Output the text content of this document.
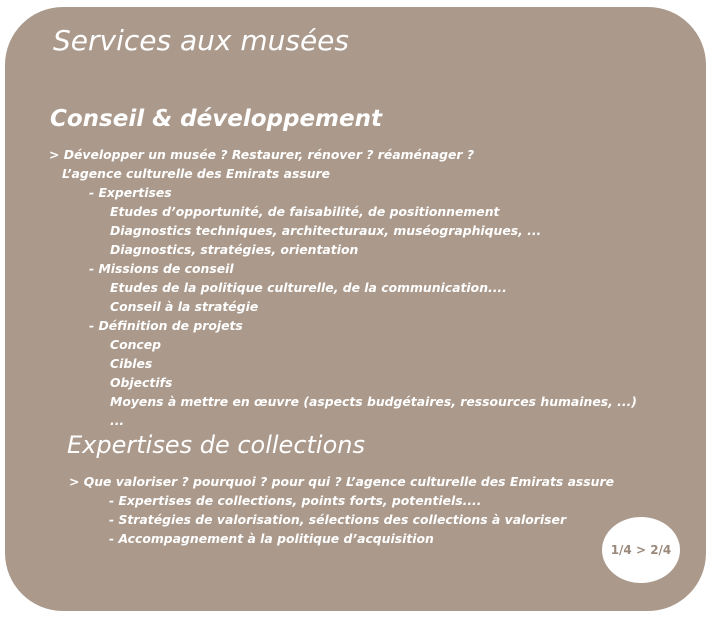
Services aux musées
Conseil & développement

> Développer un musée ? Restaurer, rénover ? réaménager ?

L’agence culturelle des Emirats assure

- Expertises

Etudes d’opportunité, de faisabilité, de positionnement

Diagnostics techniques, architecturaux, muséographiques, ...

Diagnostics, stratégies, orientation

- Missions de conseil

Etudes de la politique culturelle, de la communication....

Conseil à la stratégie

- Définition de projets

Concep

Cibles

Objectifs

Moyens à mettre en œuvre (aspects budgétaires, ressources humaines, ...)

...

Expertises de collections

> Que valoriser ? pourquoi ? pour qui ? L’agence culturelle des Emirats assure

- Expertises de collections, points forts, potentiels....

- Stratégies de valorisation, sélections des collections à valoriser

- Accompagnement à la politique d’acquisition

1/4 > 2/4
